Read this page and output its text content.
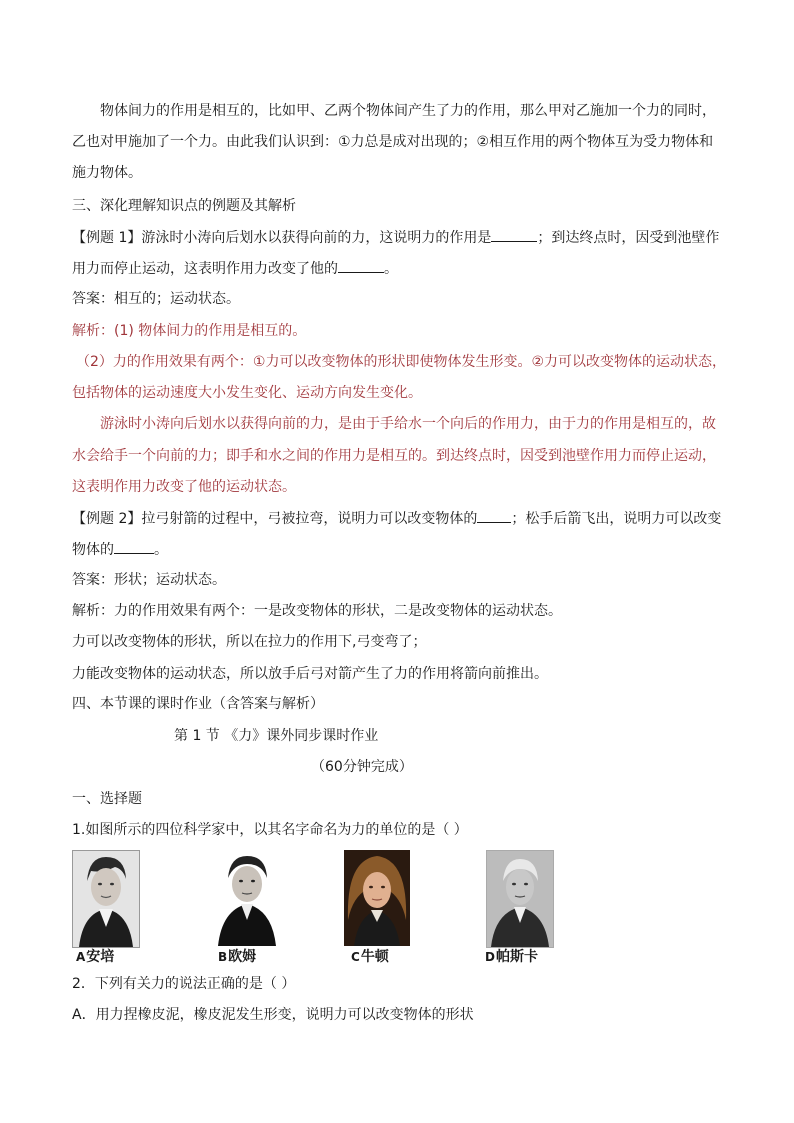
物体间力的作用是相互的，比如甲、乙两个物体间产生了力的作用，那么甲对乙施加一个力的同时，
乙也对甲施加了一个力。由此我们认识到：①力总是成对出现的；②相互作用的两个物体互为受力物体和
施力物体。
三、深化理解知识点的例题及其解析
【例题 1】游泳时小涛向后划水以获得向前的力，这说明力的作用是	；到达终点时，因受到池壁作
用力而停止运动，这表明作用力改变了他的	。
答案：相互的；运动状态。
解析：(1) 物体间力的作用是相互的。
（2）力的作用效果有两个：①力可以改变物体的形状即使物体发生形变。②力可以改变物体的运动状态，
包括物体的运动速度大小发生变化、运动方向发生变化。
游泳时小涛向后划水以获得向前的力，是由于手给水一个向后的作用力，由于力的作用是相互的，故
水会给手一个向前的力；即手和水之间的作用力是相互的。到达终点时，因受到池壁作用力而停止运动，
这表明作用力改变了他的运动状态。
【例题 2】拉弓射箭的过程中，弓被拉弯，说明力可以改变物体的 ；松手后箭飞出，说明力可以改变
物体的	。
答案：形状；运动状态。
解析：力的作用效果有两个：一是改变物体的形状，二是改变物体的运动状态。
力可以改变物体的形状，所以在拉力的作用下,弓变弯了；
力能改变物体的运动状态，所以放手后弓对箭产生了力的作用将箭向前推出。
四、本节课的课时作业（含答案与解析）
第 1 节 《力》课外同步课时作业
（60分钟完成）
一、选择题
1.如图所示的四位科学家中，以其名字命名为力的单位的是（ ）
A安培	B欧姆	C牛顿	D帕斯卡
2．下列有关力的说法正确的是（ ）
A．用力捏橡皮泥，橡皮泥发生形变，说明力可以改变物体的形状
